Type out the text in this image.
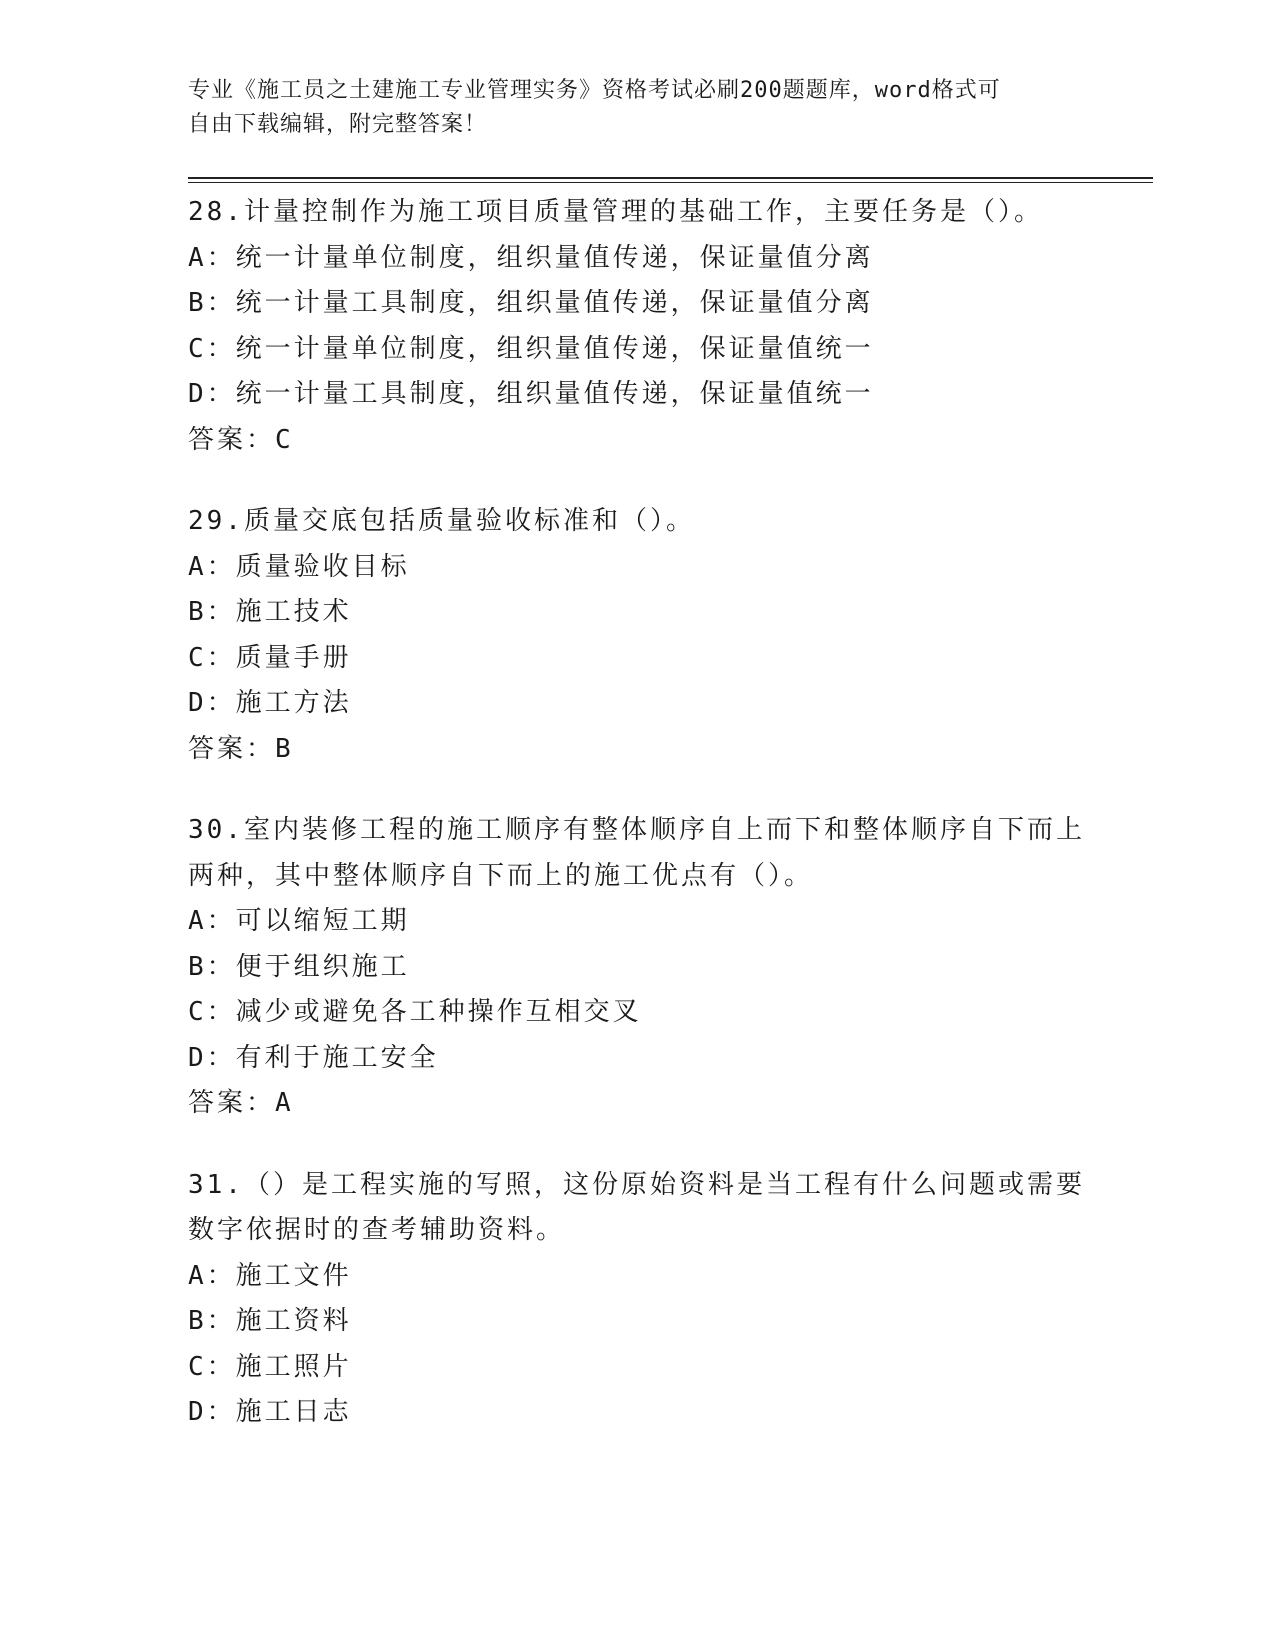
专业《施工员之土建施工专业管理实务》资格考试必刷200题题库，word格式可
自由下载编辑，附完整答案！
28.计量控制作为施工项目质量管理的基础工作，主要任务是（）。
A：统一计量单位制度，组织量值传递，保证量值分离
B：统一计量工具制度，组织量值传递，保证量值分离
C：统一计量单位制度，组织量值传递，保证量值统一
D：统一计量工具制度，组织量值传递，保证量值统一
答案：C
29.质量交底包括质量验收标准和（）。
A：质量验收目标
B：施工技术
C：质量手册
D：施工方法
答案：B
30.室内装修工程的施工顺序有整体顺序自上而下和整体顺序自下而上
两种，其中整体顺序自下而上的施工优点有（）。
A：可以缩短工期
B：便于组织施工
C：减少或避免各工种操作互相交叉
D：有利于施工安全
答案：A
31.（）是工程实施的写照，这份原始资料是当工程有什么问题或需要
数字依据时的查考辅助资料。
A：施工文件
B：施工资料
C：施工照片
D：施工日志
